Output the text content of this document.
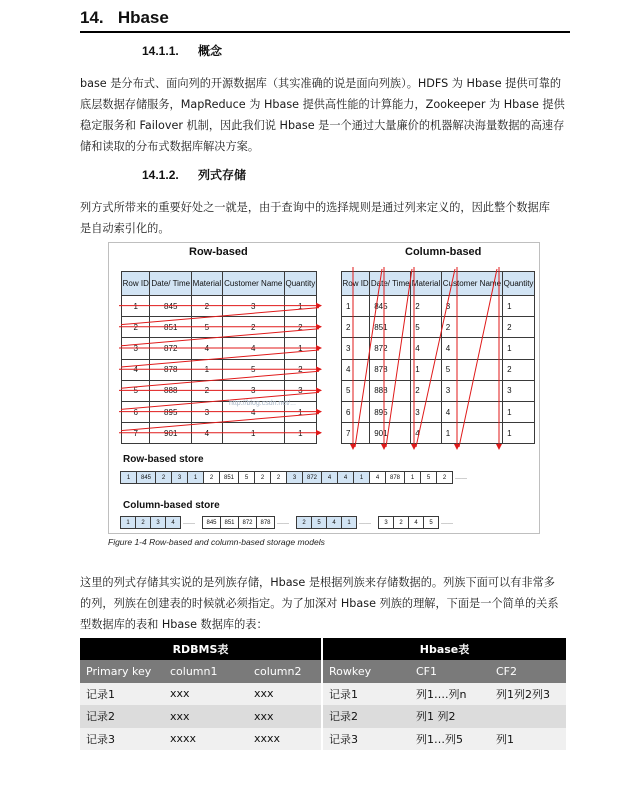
14. Hbase
14.1.1. 概念
base 是分布式、面向列的开源数据库（其实准确的说是面向列族）。HDFS 为 Hbase 提供可靠的
底层数据存储服务，MapReduce 为 Hbase 提供高性能的计算能力，Zookeeper 为 Hbase 提供
稳定服务和 Failover 机制，因此我们说 Hbase 是一个通过大量廉价的机器解决海量数据的高速存
储和读取的分布式数据库解决方案。
14.1.2. 列式存储
列方式所带来的重要好处之一就是，由于查询中的选择规则是通过列来定义的，因此整个数据库
是自动索引化的。
Row-based	Column-based
Row ID	Date/ Time	Material	Customer Name	Quantity
1	845	2	3	1
2	851	5	2	2
3	872	4	4	1
4	878	1	5	2
5	888	2	3	3
6	895	3	4	1
7	901	4	1	1
Row ID	Date/ Time	Material	Customer Name	Quantity
1	845	2	3	1
2	851	5	2	2
3	872	4	4	1
4	878	1	5	2
5	888	2	3	3
6	895	3	4	1
7	901	4	1	1
Row-based store
1	845	2	3	1	2	851	5	2	2	3	872	4	4	1	4	878	1	5	2	……
Column-based store
1	2	3	4	……	845	851	872	878	……	2	5	4	1	……	3	2	4	5	……
http://blog.csdn.net/...
Figure 1-4 Row-based and column-based storage models
这里的列式存储其实说的是列族存储，Hbase 是根据列族来存储数据的。列族下面可以有非常多
的列，列族在创建表的时候就必须指定。为了加深对 Hbase 列族的理解，下面是一个简单的关系
型数据库的表和 Hbase 数据库的表：
RDBMS表			Hbase表		
Primary key	column1	column2	Rowkey	CF1	CF2
记录1	xxx	xxx	记录1	列1….列n	列1列2列3
记录2	xxx	xxx	记录2	列1 列2	
记录3	xxxx	xxxx	记录3	列1…列5	列1
